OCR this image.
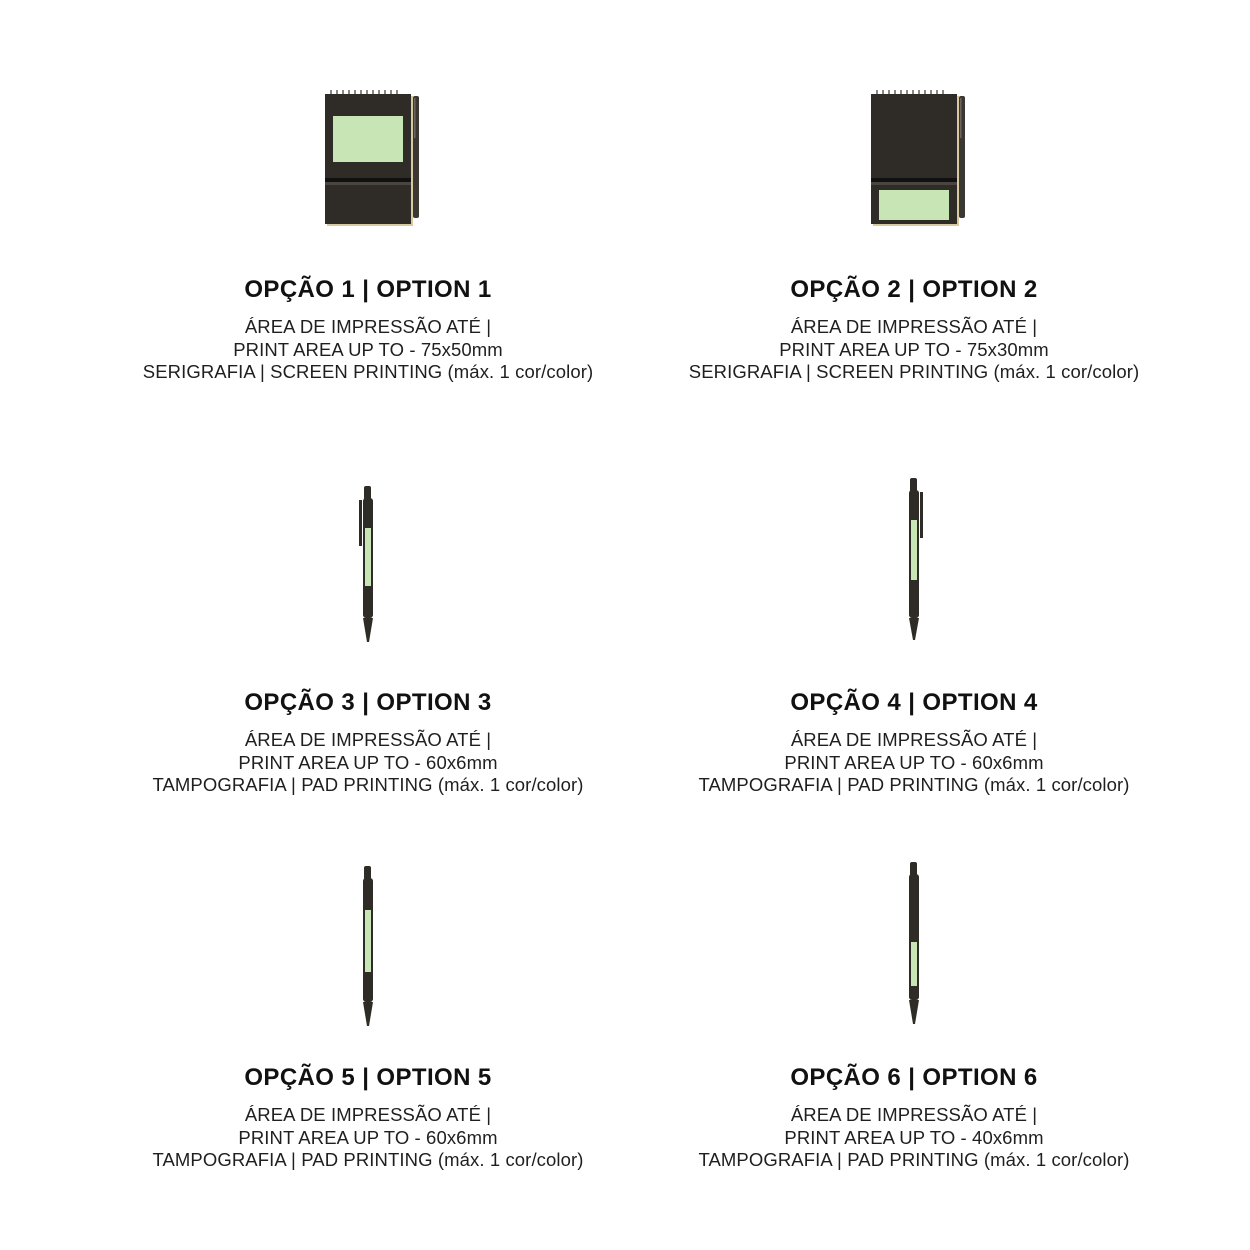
OPÇÃO 1 | OPTION 1
ÁREA DE IMPRESSÃO ATÉ |
PRINT AREA UP TO - 75x50mm
SERIGRAFIA | SCREEN PRINTING (máx. 1 cor/color)
OPÇÃO 2 | OPTION 2
ÁREA DE IMPRESSÃO ATÉ |
PRINT AREA UP TO - 75x30mm
SERIGRAFIA | SCREEN PRINTING (máx. 1 cor/color)
OPÇÃO 3 | OPTION 3
ÁREA DE IMPRESSÃO ATÉ |
PRINT AREA UP TO - 60x6mm
TAMPOGRAFIA | PAD PRINTING (máx. 1 cor/color)
OPÇÃO 4 | OPTION 4
ÁREA DE IMPRESSÃO ATÉ |
PRINT AREA UP TO - 60x6mm
TAMPOGRAFIA | PAD PRINTING (máx. 1 cor/color)
OPÇÃO 5 | OPTION 5
ÁREA DE IMPRESSÃO ATÉ |
PRINT AREA UP TO - 60x6mm
TAMPOGRAFIA | PAD PRINTING (máx. 1 cor/color)
OPÇÃO 6 | OPTION 6
ÁREA DE IMPRESSÃO ATÉ |
PRINT AREA UP TO - 40x6mm
TAMPOGRAFIA | PAD PRINTING (máx. 1 cor/color)
